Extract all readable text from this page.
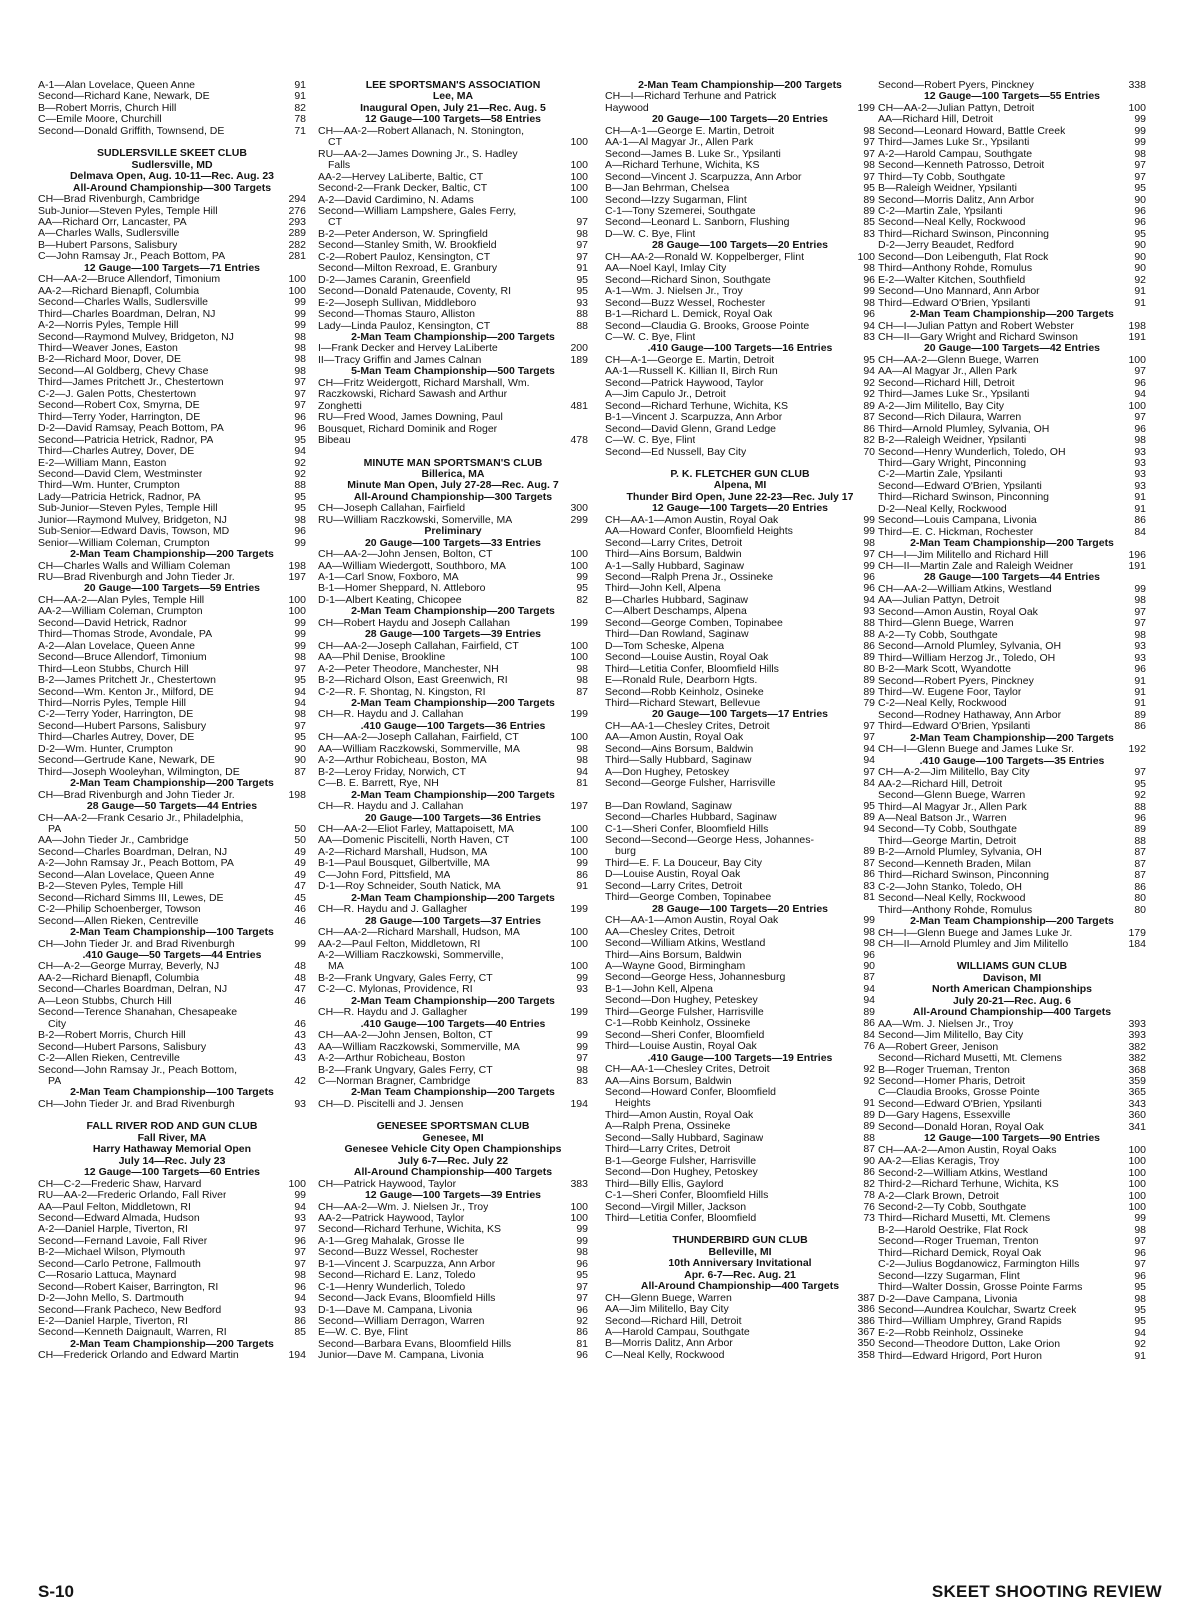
A-1—Alan Lovelace, Queen Anne	91
Second—Richard Kane, Newark, DE	91
B—Robert Morris, Church Hill	82
C—Emile Moore, Churchill	78
Second—Donald Griffith, Townsend, DE	71
SUDLERSVILLE SKEET CLUB
Sudlersville, MD
Delmava Open, Aug. 10-11—Rec. Aug. 23
All-Around Championship—300 Targets
CH—Brad Rivenburgh, Cambridge	294
Sub-Junior—Steven Pyles, Temple Hill	276
AA—Richard Orr, Lancaster, PA	293
A—Charles Walls, Sudlersville	289
B—Hubert Parsons, Salisbury	282
C—John Ramsay Jr., Peach Bottom, PA	281
12 Gauge—100 Targets—71 Entries
CH—AA-2—Bruce Allendorf, Timonium	100
AA-2—Richard Bienapfl, Columbia	100
Second—Charles Walls, Sudlersville	99
Third—Charles Boardman, Delran, NJ	99
A-2—Norris Pyles, Temple Hill	99
Second—Raymond Mulvey, Bridgeton, NJ	98
Third—Weaver Jones, Easton	98
B-2—Richard Moor, Dover, DE	98
Second—Al Goldberg, Chevy Chase	98
Third—James Pritchett Jr., Chestertown	97
C-2—J. Galen Potts, Chestertown	97
Second—Robert Cox, Smyrna, DE	97
Third—Terry Yoder, Harrington, DE	96
D-2—David Ramsay, Peach Bottom, PA	96
Second—Patricia Hetrick, Radnor, PA	95
Third—Charles Autrey, Dover, DE	94
E-2—William Mann, Easton	92
Second—David Clem, Westminster	92
Third—Wm. Hunter, Crumpton	88
Lady—Patricia Hetrick, Radnor, PA	95
Sub-Junior—Steven Pyles, Temple Hill	95
Junior—Raymond Mulvey, Bridgeton, NJ	98
Sub-Senior—Edward Davis, Towson, MD	96
Senior—William Coleman, Crumpton	99
2-Man Team Championship—200 Targets
CH—Charles Walls and William Coleman	198
RU—Brad Rivenburgh and John Tieder Jr.	197
20 Gauge—100 Targets—59 Entries
CH—AA-2—Alan Pyles, Temple Hill	100
AA-2—William Coleman, Crumpton	100
Second—David Hetrick, Radnor	99
Third—Thomas Strode, Avondale, PA	99
A-2—Alan Lovelace, Queen Anne	99
Second—Bruce Allendorf, Timonium	98
Third—Leon Stubbs, Church Hill	97
B-2—James Pritchett Jr., Chestertown	95
Second—Wm. Kenton Jr., Milford, DE	94
Third—Norris Pyles, Temple Hill	94
C-2—Terry Yoder, Harrington, DE	98
Second—Hubert Parsons, Salisbury	97
Third—Charles Autrey, Dover, DE	95
D-2—Wm. Hunter, Crumpton	90
Second—Gertrude Kane, Newark, DE	90
Third—Joseph Wooleyhan, Wilmington, DE	87
2-Man Team Championship—200 Targets
CH—Brad Rivenburgh and John Tieder Jr.	198
28 Gauge—50 Targets—44 Entries
CH—AA-2—Frank Cesario Jr., Philadelphia,
PA	50
AA—John Tieder Jr., Cambridge	50
Second—Charles Boardman, Delran, NJ	49
A-2—John Ramsay Jr., Peach Bottom, PA	49
Second—Alan Lovelace, Queen Anne	49
B-2—Steven Pyles, Temple Hill	47
Second—Richard Simms III, Lewes, DE	45
C-2—Philip Schoenberger, Towson	46
Second—Allen Rieken, Centreville	46
2-Man Team Championship—100 Targets
CH—John Tieder Jr. and Brad Rivenburgh	99
.410 Gauge—50 Targets—44 Entries
CH—A-2—George Murray, Beverly, NJ	48
AA-2—Richard Bienapfl, Columbia	48
Second—Charles Boardman, Delran, NJ	47
A—Leon Stubbs, Church Hill	46
Second—Terence Shanahan, Chesapeake
City	46
B-2—Robert Morris, Church Hill	43
Second—Hubert Parsons, Salisbury	43
C-2—Allen Rieken, Centreville	43
Second—John Ramsay Jr., Peach Bottom,
PA	42
2-Man Team Championship—100 Targets
CH—John Tieder Jr. and Brad Rivenburgh	93
FALL RIVER ROD AND GUN CLUB
Fall River, MA
Harry Hathaway Memorial Open
July 14—Rec. July 23
12 Gauge—100 Targets—60 Entries
CH—C-2—Frederic Shaw, Harvard	100
RU—AA-2—Frederic Orlando, Fall River	99
AA—Paul Felton, Middletown, RI	94
Second—Edward Almada, Hudson	93
A-2—Daniel Harple, Tiverton, RI	97
Second—Fernand Lavoie, Fall River	96
B-2—Michael Wilson, Plymouth	97
Second—Carlo Petrone, Fallmouth	97
C—Rosario Lattuca, Maynard	98
Second—Robert Kaiser, Barrington, RI	96
D-2—John Mello, S. Dartmouth	94
Second—Frank Pacheco, New Bedford	93
E-2—Daniel Harple, Tiverton, RI	86
Second—Kenneth Daignault, Warren, RI	85
2-Man Team Championship—200 Targets
CH—Frederick Orlando and Edward Martin	194
LEE SPORTSMAN'S ASSOCIATION
Lee, MA
Inaugural Open, July 21—Rec. Aug. 5
12 Gauge—100 Targets—58 Entries
CH—AA-2—Robert Allanach, N. Stonington,
CT	100
RU—AA-2—James Downing Jr., S. Hadley
Falls	100
AA-2—Hervey LaLiberte, Baltic, CT	100
Second-2—Frank Decker, Baltic, CT	100
A-2—David Cardimino, N. Adams	100
Second—William Lampshere, Gales Ferry,
CT	97
B-2—Peter Anderson, W. Springfield	98
Second—Stanley Smith, W. Brookfield	97
C-2—Robert Pauloz, Kensington, CT	97
Second—Milton Rexroad, E. Granbury	91
D-2—James Caranin, Greenfield	95
Second—Donald Patenaude, Coventy, RI	95
E-2—Joseph Sullivan, Middleboro	93
Second—Thomas Stauro, Alliston	88
Lady—Linda Pauloz, Kensington, CT	88
2-Man Team Championship—200 Targets
I—Frank Decker and Hervey LaLiberte	200
II—Tracy Griffin and James Calnan	189
5-Man Team Championship—500 Targets
CH—Fritz Weidergott, Richard Marshall, Wm.
Raczkowski, Richard Sawash and Arthur
Zonghetti	481
RU—Fred Wood, James Downing, Paul
Bousquet, Richard Dominik and Roger
Bibeau	478
MINUTE MAN SPORTSMAN'S CLUB
Billerica, MA
Minute Man Open, July 27-28—Rec. Aug. 7
All-Around Championship—300 Targets
CH—Joseph Callahan, Fairfield	300
RU—William Raczkowski, Somerville, MA	299
Preliminary
20 Gauge—100 Targets—33 Entries
CH—AA-2—John Jensen, Bolton, CT	100
AA—William Wiedergott, Southboro, MA	100
A-1—Carl Snow, Foxboro, MA	99
B-1—Homer Sheppard, N. Attleboro	95
D-1—Albert Keating, Chicopee	82
2-Man Team Championship—200 Targets
CH—Robert Haydu and Joseph Callahan	199
28 Gauge—100 Targets—39 Entries
CH—AA-2—Joseph Callahan, Fairfield, CT	100
AA—Phil Denise, Brookline	100
A-2—Peter Theodore, Manchester, NH	98
B-2—Richard Olson, East Greenwich, RI	98
C-2—R. F. Shontag, N. Kingston, RI	87
2-Man Team Championship—200 Targets
CH—R. Haydu and J. Callahan	199
.410 Gauge—100 Targets—36 Entries
CH—AA-2—Joseph Callahan, Fairfield, CT	100
AA—William Raczkowski, Sommerville, MA	98
A-2—Arthur Robicheau, Boston, MA	98
B-2—Leroy Friday, Norwich, CT	94
C—B. E. Barrett, Rye, NH	81
2-Man Team Championship—200 Targets
CH—R. Haydu and J. Callahan	197
20 Gauge—100 Targets—36 Entries
CH—AA-2—Eliot Farley, Mattapoisett, MA	100
AA—Domenic Piscitelli, North Haven, CT	100
A-2—Richard Marshall, Hudson, MA	100
B-1—Paul Bousquet, Gilbertville, MA	99
C—John Ford, Pittsfield, MA	86
D-1—Roy Schneider, South Natick, MA	91
2-Man Team Championship—200 Targets
CH—R. Haydu and J. Gallagher	199
28 Gauge—100 Targets—37 Entries
CH—AA-2—Richard Marshall, Hudson, MA	100
AA-2—Paul Felton, Middletown, RI	100
A-2—William Raczkowski, Sommerville,
MA	100
B-2—Frank Ungvary, Gales Ferry, CT	99
C-2—C. Mylonas, Providence, RI	93
2-Man Team Championship—200 Targets
CH—R. Haydu and J. Gallagher	199
.410 Gauge—100 Targets—40 Entries
CH—AA-2—John Jensen, Bolton, CT	99
AA—William Raczkowski, Sommerville, MA	99
A-2—Arthur Robicheau, Boston	97
B-2—Frank Ungvary, Gales Ferry, CT	98
C—Norman Bragner, Cambridge	83
2-Man Team Championship—200 Targets
CH—D. Piscitelli and J. Jensen	194
GENESEE SPORTSMAN CLUB
Genesee, MI
Genesee Vehicle City Open Championships
July 6-7—Rec. July 22
All-Around Championship—400 Targets
CH—Patrick Haywood, Taylor	383
12 Gauge—100 Targets—39 Entries
CH—AA-2—Wm. J. Nielsen Jr., Troy	100
AA-2—Patrick Haywood, Taylor	100
Second—Richard Terhune, Wichita, KS	99
A-1—Greg Mahalak, Grosse Ile	99
Second—Buzz Wessel, Rochester	98
B-1—Vincent J. Scarpuzza, Ann Arbor	96
Second—Richard E. Lanz, Toledo	95
C-1—Henry Wunderlich, Toledo	97
Second—Jack Evans, Bloomfield Hills	97
D-1—Dave M. Campana, Livonia	96
Second—William Derragon, Warren	92
E—W. C. Bye, Flint	86
Second—Barbara Evans, Bloomfield Hills	81
Junior—Dave M. Campana, Livonia	96
2-Man Team Championship—200 Targets
CH—I—Richard Terhune and Patrick
Haywood	199
20 Gauge—100 Targets—20 Entries
CH—A-1—George E. Martin, Detroit	98
AA-1—Al Magyar Jr., Allen Park	97
Second—James B. Luke Sr., Ypsilanti	97
A—Richard Terhune, Wichita, KS	98
Second—Vincent J. Scarpuzza, Ann Arbor	97
B—Jan Behrman, Chelsea	95
Second—Izzy Sugarman, Flint	89
C-1—Tony Szemerei, Southgate	89
Second—Leonard L. Sanborn, Flushing	85
D—W. C. Bye, Flint	83
28 Gauge—100 Targets—20 Entries
CH—AA-2—Ronald W. Koppelberger, Flint	100
AA—Noel Kayl, Imlay City	98
Second—Richard Sinon, Southgate	96
A-1—Wm. J. Nielsen Jr., Troy	99
Second—Buzz Wessel, Rochester	98
B-1—Richard L. Demick, Royal Oak	96
Second—Claudia G. Brooks, Groose Pointe	94
C—W. C. Bye, Flint	83
.410 Gauge—100 Targets—16 Entries
CH—A-1—George E. Martin, Detroit	95
AA-1—Russell K. Killian II, Birch Run	94
Second—Patrick Haywood, Taylor	92
A—Jim Capulo Jr., Detroit	92
Second—Richard Terhune, Wichita, KS	89
B-1—Vincent J. Scarpuzza, Ann Arbor	87
Second—David Glenn, Grand Ledge	86
C—W. C. Bye, Flint	82
Second—Ed Nussell, Bay City	70
P. K. FLETCHER GUN CLUB
Alpena, MI
Thunder Bird Open, June 22-23—Rec. July 17
12 Gauge—100 Targets—20 Entries
CH—AA-1—Amon Austin, Royal Oak	99
AA—Howard Confer, Bloomfield Heights	99
Second—Larry Crites, Detroit	98
Third—Ains Borsum, Baldwin	97
A-1—Sally Hubbard, Saginaw	99
Second—Ralph Prena Jr., Ossineke	96
Third—John Kell, Alpena	96
B—Charles Hubbard, Saginaw	94
C—Albert Deschamps, Alpena	93
Second—George Comben, Topinabee	88
Third—Dan Rowland, Saginaw	88
D—Tom Scheske, Alpena	86
Second—Louise Austin, Royal Oak	89
Third—Letitia Confer, Bloomfield Hills	80
E—Ronald Rule, Dearborn Hgts.	89
Second—Robb Keinholz, Osineke	89
Third—Richard Stewart, Bellevue	79
20 Gauge—100 Targets—17 Entries
CH—AA-1—Chesley Crites, Detroit	97
AA—Amon Austin, Royal Oak	97
Second—Ains Borsum, Baldwin	94
Third—Sally Hubbard, Saginaw	94
A—Don Hughey, Petoskey	97
Second—George Fulsher, Harrisville	84
B—Dan Rowland, Saginaw	95
Second—Charles Hubbard, Saginaw	89
C-1—Sheri Confer, Bloomfield Hills	94
Second—Second—George Hess, Johannes-
burg	89
Third—E. F. La Douceur, Bay City	87
D—Louise Austin, Royal Oak	86
Second—Larry Crites, Detroit	83
Third—George Comben, Topinabee	81
28 Gauge—100 Targets—20 Entries
CH—AA-1—Amon Austin, Royal Oak	99
AA—Chesley Crites, Detroit	98
Second—William Atkins, Westland	98
Third—Ains Borsum, Baldwin	96
A—Wayne Good, Birmingham	90
Second—George Hess, Johannesburg	87
B-1—John Kell, Alpena	94
Second—Don Hughey, Peteskey	94
Third—George Fulsher, Harrisville	89
C-1—Robb Keinholz, Ossineke	86
Second—Sheri Confer, Bloomfield	84
Third—Louise Austin, Royal Oak	76
.410 Gauge—100 Targets—19 Entries
CH—AA-1—Chesley Crites, Detroit	92
AA—Ains Borsum, Baldwin	92
Second—Howard Confer, Bloomfield
Heights	91
Third—Amon Austin, Royal Oak	89
A—Ralph Prena, Ossineke	89
Second—Sally Hubbard, Saginaw	88
Third—Larry Crites, Detroit	87
B-1—George Fulsher, Harrisville	90
Second—Don Hughey, Petoskey	86
Third—Billy Ellis, Gaylord	82
C-1—Sheri Confer, Bloomfield Hills	78
Second—Virgil Miller, Jackson	76
Third—Letitia Confer, Bloomfield	73
THUNDERBIRD GUN CLUB
Belleville, MI
10th Anniversary Invitational
Apr. 6-7—Rec. Aug. 21
All-Around Championship—400 Targets
CH—Glenn Buege, Warren	387
AA—Jim Militello, Bay City	386
Second—Richard Hill, Detroit	386
A—Harold Campau, Southgate	367
B—Morris Dalitz, Ann Arbor	350
C—Neal Kelly, Rockwood	358
Second—Robert Pyers, Pinckney	338
12 Gauge—100 Targets—55 Entries
CH—AA-2—Julian Pattyn, Detroit	100
AA—Richard Hill, Detroit	99
Second—Leonard Howard, Battle Creek	99
Third—James Luke Sr., Ypsilanti	99
A-2—Harold Campau, Southgate	98
Second—Kenneth Patrosso, Detroit	97
Third—Ty Cobb, Southgate	97
B—Raleigh Weidner, Ypsilanti	95
Second—Morris Dalitz, Ann Arbor	90
C-2—Martin Zale, Ypsilanti	96
Second—Neal Kelly, Rockwood	96
Third—Richard Swinson, Pinconning	95
D-2—Jerry Beaudet, Redford	90
Second—Don Leibenguth, Flat Rock	90
Third—Anthony Rohde, Romulus	90
E-2—Walter Kitchen, Southfield	92
Second—Uno Mannard, Ann Arbor	91
Third—Edward O'Brien, Ypsilanti	91
2-Man Team Championship—200 Targets
CH—I—Julian Pattyn and Robert Webster	198
CH—II—Gary Wright and Richard Swinson	191
20 Gauge—100 Targets—42 Entries
CH—AA-2—Glenn Buege, Warren	100
AA—Al Magyar Jr., Allen Park	97
Second—Richard Hill, Detroit	96
Third—James Luke Sr., Ypsilanti	94
A-2—Jim Militello, Bay City	100
Second—Rich Dilaura, Warren	97
Third—Arnold Plumley, Sylvania, OH	96
B-2—Raleigh Weidner, Ypsilanti	98
Second—Henry Wunderlich, Toledo, OH	93
Third—Gary Wright, Pinconning	93
C-2—Martin Zale, Ypsilanti	93
Second—Edward O'Brien, Ypsilanti	93
Third—Richard Swinson, Pinconning	91
D-2—Neal Kelly, Rockwood	91
Second—Louis Campana, Livonia	86
Third—E. C. Hickman, Rochester	84
2-Man Team Championship—200 Targets
CH—I—Jim Militello and Richard Hill	196
CH—II—Martin Zale and Raleigh Weidner	191
28 Gauge—100 Targets—44 Entries
CH—AA-2—William Atkins, Westland	99
AA—Julian Pattyn, Detroit	98
Second—Amon Austin, Royal Oak	97
Third—Glenn Buege, Warren	97
A-2—Ty Cobb, Southgate	98
Second—Arnold Plumley, Sylvania, OH	93
Third—William Herzog Jr., Toledo, OH	93
B-2—Mark Scott, Wyandotte	96
Second—Robert Pyers, Pinckney	91
Third—W. Eugene Foor, Taylor	91
C-2—Neal Kelly, Rockwood	91
Second—Rodney Hathaway, Ann Arbor	89
Third—Edward O'Brien, Ypsilanti	86
2-Man Team Championship—200 Targets
CH—I—Glenn Buege and James Luke Sr.	192
.410 Gauge—100 Targets—35 Entries
CH—A-2—Jim Militello, Bay City	97
AA-2—Richard Hill, Detroit	95
Second—Glenn Buege, Warren	92
Third—Al Magyar Jr., Allen Park	88
A—Neal Batson Jr., Warren	96
Second—Ty Cobb, Southgate	89
Third—George Martin, Detroit	88
B-2—Arnold Plumley, Sylvania, OH	87
Second—Kenneth Braden, Milan	87
Third—Richard Swinson, Pinconning	87
C-2—John Stanko, Toledo, OH	86
Second—Neal Kelly, Rockwood	80
Third—Anthony Rohde, Romulus	80
2-Man Team Championship—200 Targets
CH—I—Glenn Buege and James Luke Jr.	179
CH—II—Arnold Plumley and Jim Militello	184
WILLIAMS GUN CLUB
Davison, MI
North American Championships
July 20-21—Rec. Aug. 6
All-Around Championship—400 Targets
AA—Wm. J. Nielsen Jr., Troy	393
Second—Jim Militello, Bay City	393
A—Robert Greer, Jenison	382
Second—Richard Musetti, Mt. Clemens	382
B—Roger Trueman, Trenton	368
Second—Homer Pharis, Detroit	359
C—Claudia Brooks, Grosse Pointe	365
Second—Edward O'Brien, Ypsilanti	343
D—Gary Hagens, Essexville	360
Second—Donald Horan, Royal Oak	341
12 Gauge—100 Targets—90 Entries
CH—AA-2—Amon Austin, Royal Oaks	100
AA-2—Elias Keragis, Troy	100
Second-2—William Atkins, Westland	100
Third-2—Richard Terhune, Wichita, KS	100
A-2—Clark Brown, Detroit	100
Second-2—Ty Cobb, Southgate	100
Third—Richard Musetti, Mt. Clemens	99
B-2—Harold Oestrike, Flat Rock	98
Second—Roger Trueman, Trenton	97
Third—Richard Demick, Royal Oak	96
C-2—Julius Bogdanowicz, Farmington Hills	97
Second—Izzy Sugarman, Flint	96
Third—Walter Dossin, Grosse Pointe Farms	95
D-2—Dave Campana, Livonia	98
Second—Aundrea Koulchar, Swartz Creek	95
Third—William Umphrey, Grand Rapids	95
E-2—Robb Reinholz, Ossineke	94
Second—Theodore Dutton, Lake Orion	92
Third—Edward Hrigord, Port Huron	91
S-10	SKEET SHOOTING REVIEW
